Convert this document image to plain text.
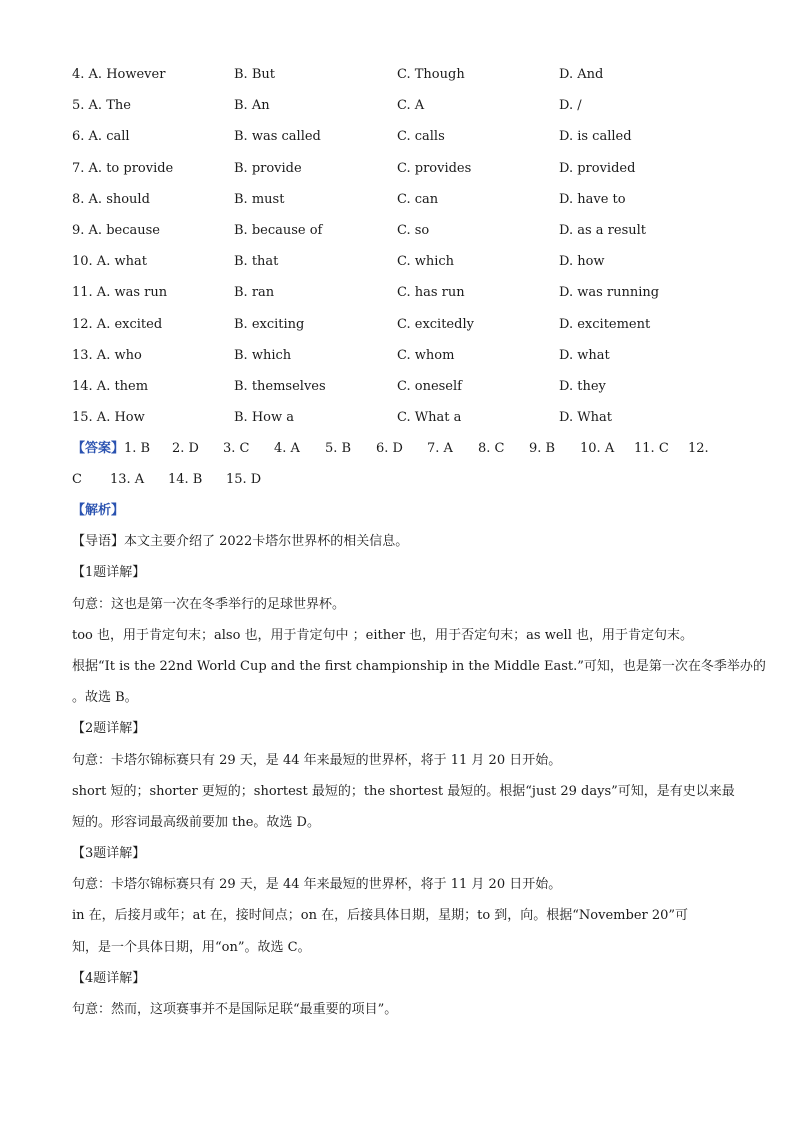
4. A. However	B. But	C. Though	D. And
5. A. The	B. An	C. A	D. /
6. A. call	B. was called	C. calls	D. is called
7. A. to provide	B. provide	C. provides	D. provided
8. A. should	B. must	C. can	D. have to
9. A. because	B. because of	C. so	D. as a result
10. A. what	B. that	C. which	D. how
11. A. was run	B. ran	C. has run	D. was running
12. A. excited	B. exciting	C. excitedly	D. excitement
13. A. who	B. which	C. whom	D. what
14. A. them	B. themselves	C. oneself	D. they
15. A. How	B. How a	C. What a	D. What
【答案】 1. B	2. D	3. C	4. A	5. B	6. D	7. A	8. C	9. B	10. A	11. C	12.
C	13. A	14. B	15. D
【解析】
【导语】本文主要介绍了 2022卡塔尔世界杯的相关信息。
【1题详解】
句意：这也是第一次在冬季举行的足球世界杯。
too 也，用于肯定句末；also 也，用于肯定句中 ；either 也，用于否定句末；as well 也，用于肯定句末。
根据“It is the 22nd World Cup and the first championship in the Middle East.”可知，也是第一次在冬季举办的
。故选 B。
【2题详解】
句意：卡塔尔锦标赛只有 29 天，是 44 年来最短的世界杯，将于 11 月 20 日开始。
short 短的；shorter 更短的；shortest 最短的；the shortest 最短的。根据“just 29 days”可知，是有史以来最
短的。形容词最高级前要加 the。故选 D。
【3题详解】
句意：卡塔尔锦标赛只有 29 天，是 44 年来最短的世界杯，将于 11 月 20 日开始。
in 在，后接月或年；at 在，接时间点；on 在，后接具体日期，星期；to 到，向。根据“November 20”可
知，是一个具体日期，用“on”。故选 C。
【4题详解】
句意：然而，这项赛事并不是国际足联“最重要的项目”。
